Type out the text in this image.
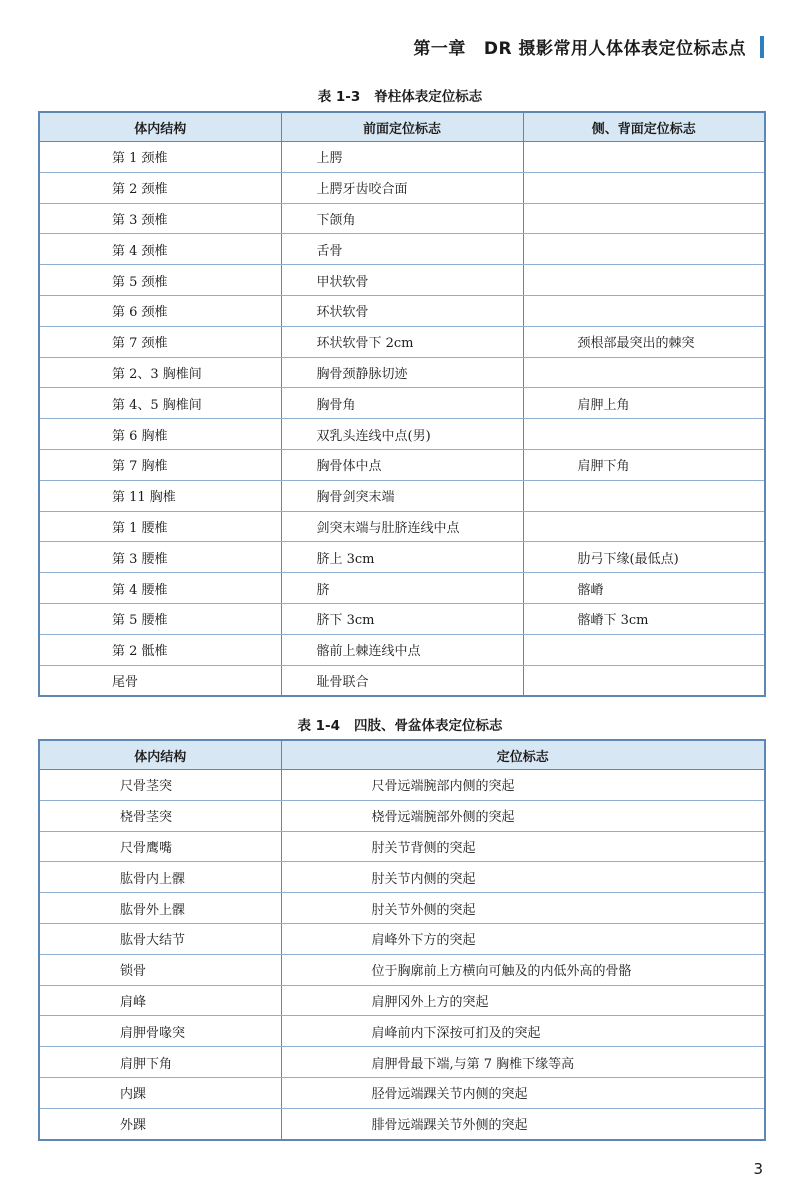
第一章 DR 摄影常用人体体表定位标志点
表 1-3 脊柱体表定位标志
体内结构	前面定位标志	侧、背面定位标志
第 1 颈椎	上腭	
第 2 颈椎	上腭牙齿咬合面	
第 3 颈椎	下颌角	
第 4 颈椎	舌骨	
第 5 颈椎	甲状软骨	
第 6 颈椎	环状软骨	
第 7 颈椎	环状软骨下 2cm	颈根部最突出的棘突
第 2、3 胸椎间	胸骨颈静脉切迹	
第 4、5 胸椎间	胸骨角	肩胛上角
第 6 胸椎	双乳头连线中点(男)	
第 7 胸椎	胸骨体中点	肩胛下角
第 11 胸椎	胸骨剑突末端	
第 1 腰椎	剑突末端与肚脐连线中点	
第 3 腰椎	脐上 3cm	肋弓下缘(最低点)
第 4 腰椎	脐	髂嵴
第 5 腰椎	脐下 3cm	髂嵴下 3cm
第 2 骶椎	髂前上棘连线中点	
尾骨	耻骨联合	
表 1-4 四肢、骨盆体表定位标志
体内结构	定位标志
尺骨茎突	尺骨远端腕部内侧的突起
桡骨茎突	桡骨远端腕部外侧的突起
尺骨鹰嘴	肘关节背侧的突起
肱骨内上髁	肘关节内侧的突起
肱骨外上髁	肘关节外侧的突起
肱骨大结节	肩峰外下方的突起
锁骨	位于胸廓前上方横向可触及的内低外高的骨骼
肩峰	肩胛冈外上方的突起
肩胛骨喙突	肩峰前内下深按可扪及的突起
肩胛下角	肩胛骨最下端,与第 7 胸椎下缘等高
内踝	胫骨远端踝关节内侧的突起
外踝	腓骨远端踝关节外侧的突起
3
